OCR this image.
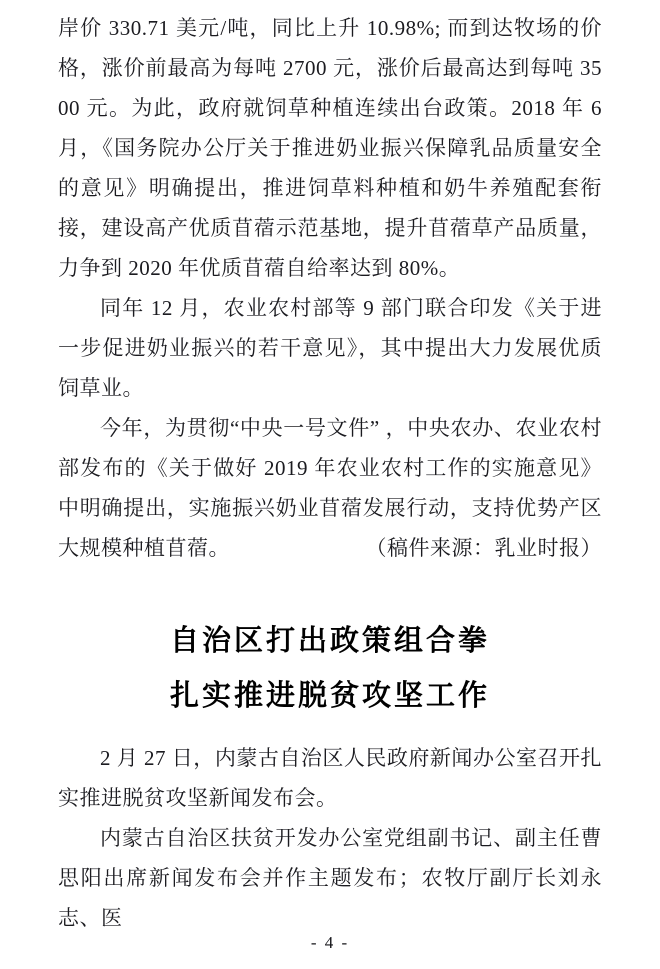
岸价 330.71 美元/吨，同比上升 10.98%; 而到达牧场的价格，涨价前最高为每吨 2700 元，涨价后最高达到每吨 3500 元。为此，政府就饲草种植连续出台政策。2018 年 6 月，《国务院办公厅关于推进奶业振兴保障乳品质量安全的意见》明确提出，推进饲草料种植和奶牛养殖配套衔接，建设高产优质苜蓿示范基地，提升苜蓿草产品质量，力争到 2020 年优质苜蓿自给率达到 80%。

同年 12 月，农业农村部等 9 部门联合印发《关于进一步促进奶业振兴的若干意见》，其中提出大力发展优质饲草业。

今年，为贯彻“中央一号文件” ，中央农办、农业农村部发布的《关于做好 2019 年农业农村工作的实施意见》中明确提出，实施振兴奶业苜蓿发展行动，支持优势产区大规模种植苜蓿。	（稿件来源：乳业时报）

自治区打出政策组合拳
扎实推进脱贫攻坚工作

2 月 27 日，内蒙古自治区人民政府新闻办公室召开扎实推进脱贫攻坚新闻发布会。

内蒙古自治区扶贫开发办公室党组副书记、副主任曹思阳出席新闻发布会并作主题发布；农牧厅副厅长刘永志、医

- 4 -
